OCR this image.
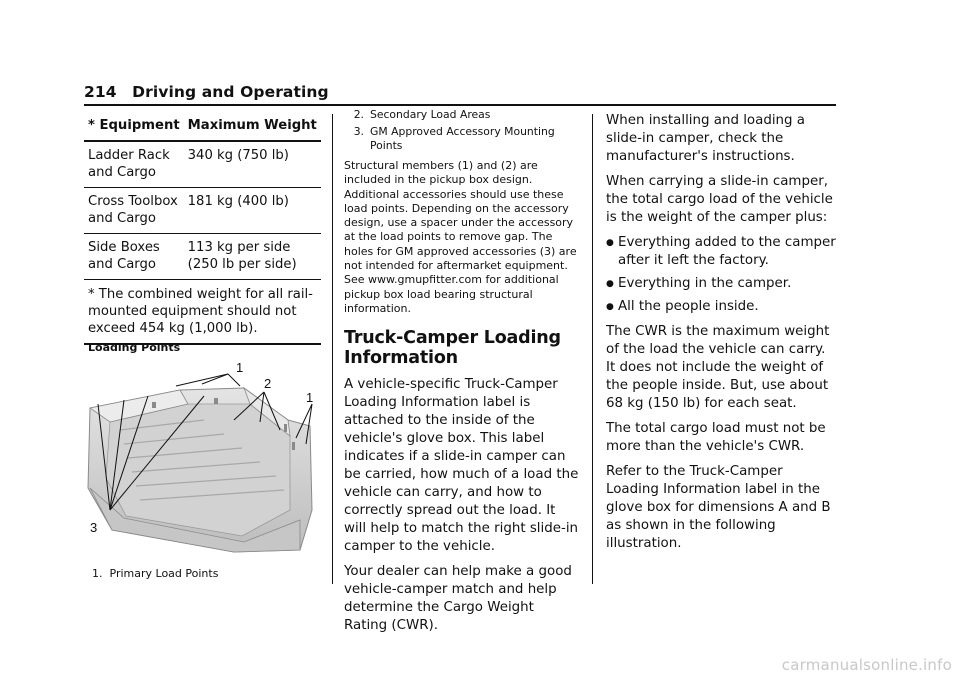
214 Driving and Operating
* Equipment	Maximum Weight
Ladder Rack and Cargo	340 kg (750 lb)
Cross Toolbox and Cargo	181 kg (400 lb)
Side Boxes and Cargo	113 kg per side (250 lb per side)
* The combined weight for all rail-mounted equipment should not exceed 454 kg (1,000 lb).	
Loading Points
1
2
1
3
1. Primary Load Points
2. Secondary Load Areas
3. GM Approved Accessory Mounting Points

Structural members (1) and (2) are included in the pickup box design. Additional accessories should use these load points. Depending on the accessory design, use a spacer under the accessory at the load points to remove gap. The holes for GM approved accessories (3) are not intended for aftermarket equipment. See www.gmupfitter.com for additional pickup box load bearing structural information.

Truck-Camper Loading Information

A vehicle-specific Truck-Camper Loading Information label is attached to the inside of the vehicle's glove box. This label indicates if a slide-in camper can be carried, how much of a load the vehicle can carry, and how to correctly spread out the load. It will help to match the right slide-in camper to the vehicle.

Your dealer can help make a good vehicle-camper match and help determine the Cargo Weight Rating (CWR).

When installing and loading a slide-in camper, check the manufacturer's instructions.

When carrying a slide-in camper, the total cargo load of the vehicle is the weight of the camper plus:

● Everything added to the camper after it left the factory.
● Everything in the camper.
● All the people inside.

The CWR is the maximum weight of the load the vehicle can carry. It does not include the weight of the people inside. But, use about 68 kg (150 lb) for each seat.

The total cargo load must not be more than the vehicle's CWR.

Refer to the Truck-Camper Loading Information label in the glove box for dimensions A and B as shown in the following illustration.

carmanualsonline.info
